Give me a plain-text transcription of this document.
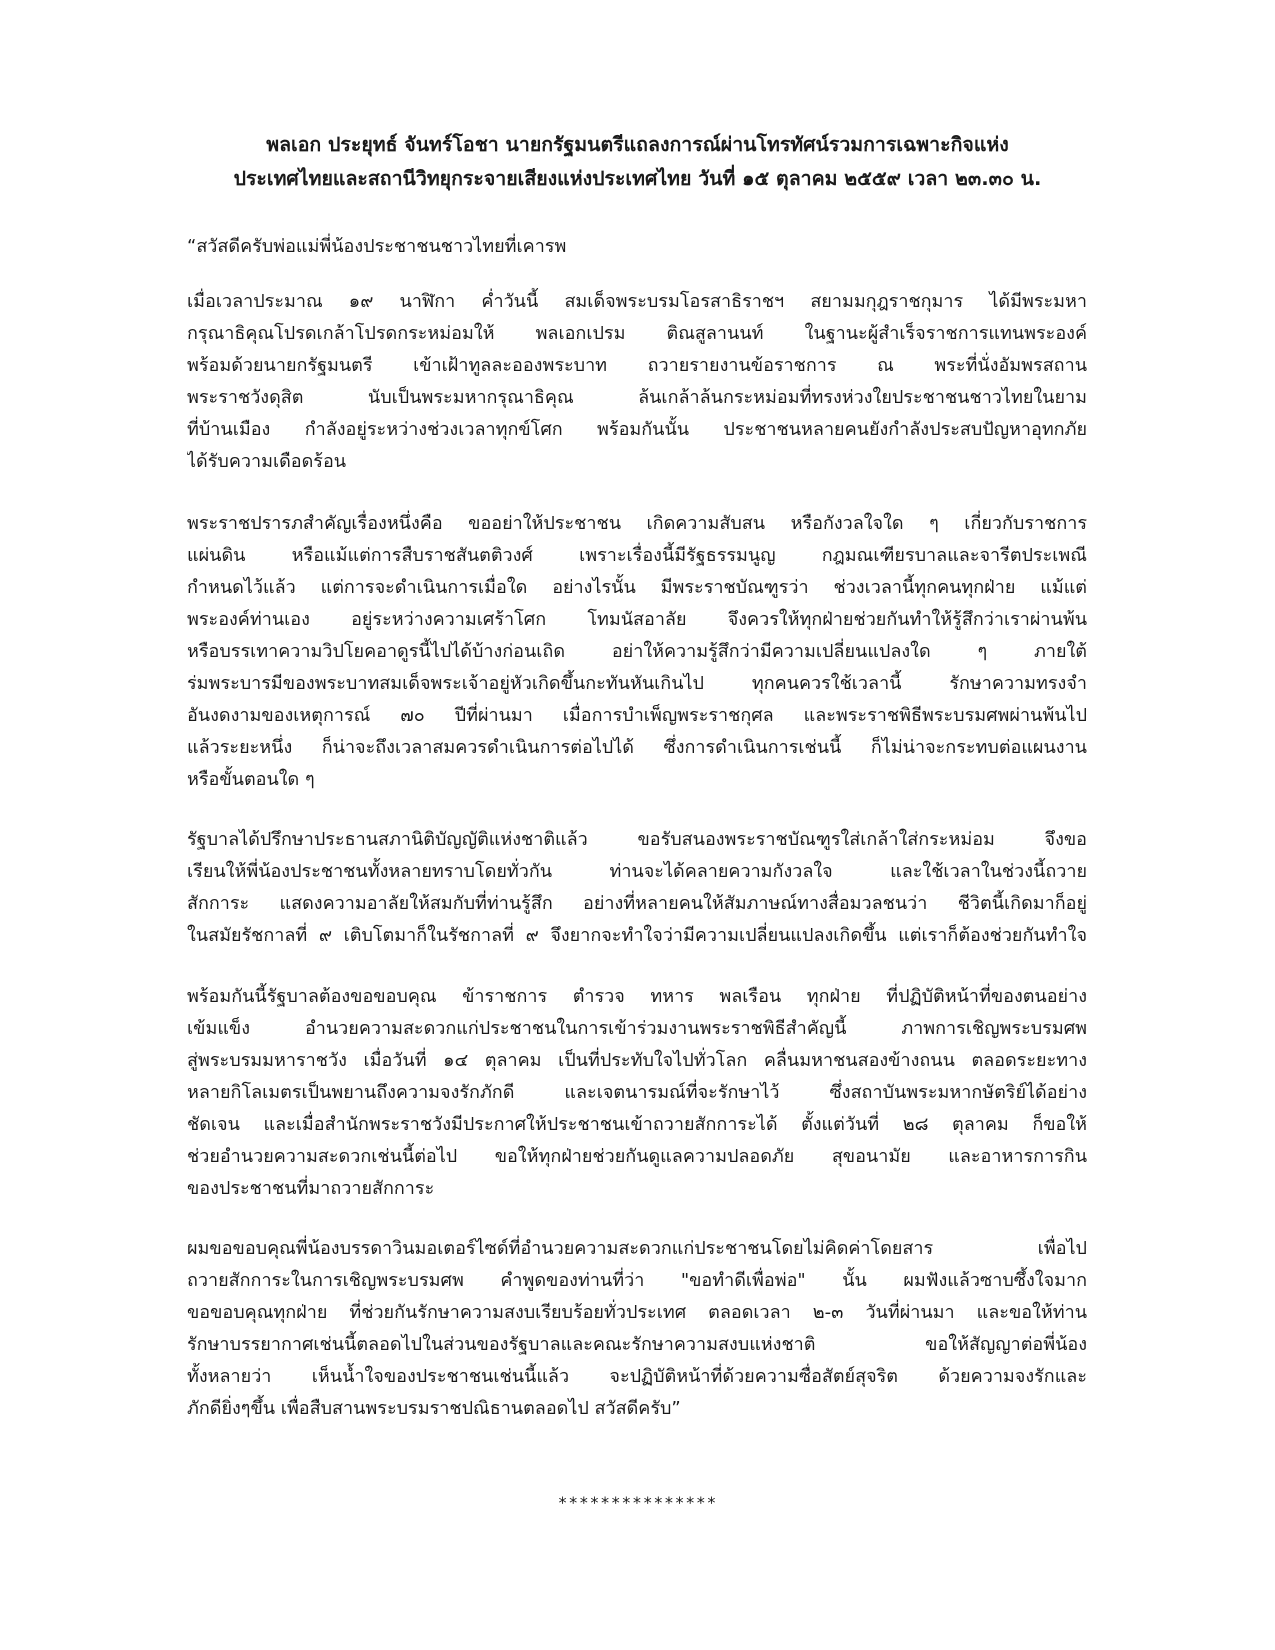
พลเอก ประยุทธ์ จันทร์โอชา นายกรัฐมนตรีแถลงการณ์ผ่านโทรทัศน์รวมการเฉพาะกิจแห่ง
ประเทศไทยและสถานีวิทยุกระจายเสียงแห่งประเทศไทย วันที่ ๑๕ ตุลาคม ๒๕๕๙ เวลา ๒๓.๓๐ น.
“สวัสดีครับพ่อแม่พี่น้องประชาชนชาวไทยที่เคารพ
เมื่อเวลาประมาณ ๑๙ นาฬิกา ค่ำวันนี้ สมเด็จพระบรมโอรสาธิราชฯ สยามมกุฎราชกุมาร ได้มีพระมหา
กรุณาธิคุณโปรดเกล้าโปรดกระหม่อมให้ พลเอกเปรม ติณสูลานนท์ ในฐานะผู้สำเร็จราชการแทนพระองค์
พร้อมด้วยนายกรัฐมนตรี เข้าเฝ้าทูลละอองพระบาท ถวายรายงานข้อราชการ ณ พระที่นั่งอัมพรสถาน
พระราชวังดุสิต นับเป็นพระมหากรุณาธิคุณ ล้นเกล้าล้นกระหม่อมที่ทรงห่วงใยประชาชนชาวไทยในยาม
ที่บ้านเมือง กำลังอยู่ระหว่างช่วงเวลาทุกข์โศก พร้อมกันนั้น ประชาชนหลายคนยังกำลังประสบปัญหาอุทกภัย
ได้รับความเดือดร้อน
พระราชปรารภสำคัญเรื่องหนึ่งคือ ขออย่าให้ประชาชน เกิดความสับสน หรือกังวลใจใด ๆ เกี่ยวกับราชการ
แผ่นดิน หรือแม้แต่การสืบราชสันตติวงศ์ เพราะเรื่องนี้มีรัฐธรรมนูญ กฎมณเฑียรบาลและจารีตประเพณี
กำหนดไว้แล้ว แต่การจะดำเนินการเมื่อใด อย่างไรนั้น มีพระราชบัณฑูรว่า ช่วงเวลานี้ทุกคนทุกฝ่าย แม้แต่
พระองค์ท่านเอง อยู่ระหว่างความเศร้าโศก โทมนัสอาลัย จึงควรให้ทุกฝ่ายช่วยกันทำให้รู้สึกว่าเราผ่านพ้น
หรือบรรเทาความวิปโยคอาดูรนี้ไปได้บ้างก่อนเถิด อย่าให้ความรู้สึกว่ามีความเปลี่ยนแปลงใด ๆ ภายใต้
ร่มพระบารมีของพระบาทสมเด็จพระเจ้าอยู่หัวเกิดขึ้นกะทันหันเกินไป ทุกคนควรใช้เวลานี้ รักษาความทรงจำ
อันงดงามของเหตุการณ์ ๗๐ ปีที่ผ่านมา เมื่อการบำเพ็ญพระราชกุศล และพระราชพิธีพระบรมศพผ่านพ้นไป
แล้วระยะหนึ่ง ก็น่าจะถึงเวลาสมควรดำเนินการต่อไปได้ ซึ่งการดำเนินการเช่นนี้ ก็ไม่น่าจะกระทบต่อแผนงาน
หรือขั้นตอนใด ๆ
รัฐบาลได้ปรึกษาประธานสภานิติบัญญัติแห่งชาติแล้ว ขอรับสนองพระราชบัณฑูรใส่เกล้าใส่กระหม่อม จึงขอ
เรียนให้พี่น้องประชาชนทั้งหลายทราบโดยทั่วกัน ท่านจะได้คลายความกังวลใจ และใช้เวลาในช่วงนี้ถวาย
สักการะ แสดงความอาลัยให้สมกับที่ท่านรู้สึก อย่างที่หลายคนให้สัมภาษณ์ทางสื่อมวลชนว่า ชีวิตนี้เกิดมาก็อยู่
ในสมัยรัชกาลที่ ๙ เติบโตมาก็ในรัชกาลที่ ๙ จึงยากจะทำใจว่ามีความเปลี่ยนแปลงเกิดขึ้น แต่เราก็ต้องช่วยกันทำใจ
พร้อมกันนี้รัฐบาลต้องขอขอบคุณ ข้าราชการ ตำรวจ ทหาร พลเรือน ทุกฝ่าย ที่ปฏิบัติหน้าที่ของตนอย่าง
เข้มแข็ง อำนวยความสะดวกแก่ประชาชนในการเข้าร่วมงานพระราชพิธีสำคัญนี้ ภาพการเชิญพระบรมศพ
สู่พระบรมมหาราชวัง เมื่อวันที่ ๑๔ ตุลาคม เป็นที่ประทับใจไปทั่วโลก คลื่นมหาชนสองข้างถนน ตลอดระยะทาง
หลายกิโลเมตรเป็นพยานถึงความจงรักภักดี และเจตนารมณ์ที่จะรักษาไว้ ซึ่งสถาบันพระมหากษัตริย์ได้อย่าง
ชัดเจน และเมื่อสำนักพระราชวังมีประกาศให้ประชาชนเข้าถวายสักการะได้ ตั้งแต่วันที่ ๒๘ ตุลาคม ก็ขอให้
ช่วยอำนวยความสะดวกเช่นนี้ต่อไป ขอให้ทุกฝ่ายช่วยกันดูแลความปลอดภัย สุขอนามัย และอาหารการกิน
ของประชาชนที่มาถวายสักการะ
ผมขอขอบคุณพี่น้องบรรดาวินมอเตอร์ไซด์ที่อำนวยความสะดวกแก่ประชาชนโดยไม่คิดค่าโดยสาร เพื่อไป
ถวายสักการะในการเชิญพระบรมศพ คำพูดของท่านที่ว่า "ขอทำดีเพื่อพ่อ" นั้น ผมฟังแล้วซาบซึ้งใจมาก
ขอขอบคุณทุกฝ่าย ที่ช่วยกันรักษาความสงบเรียบร้อยทั่วประเทศ ตลอดเวลา ๒-๓ วันที่ผ่านมา และขอให้ท่าน
รักษาบรรยากาศเช่นนี้ตลอดไปในส่วนของรัฐบาลและคณะรักษาความสงบแห่งชาติ ขอให้สัญญาต่อพี่น้อง
ทั้งหลายว่า เห็นน้ำใจของประชาชนเช่นนี้แล้ว จะปฏิบัติหน้าที่ด้วยความซื่อสัตย์สุจริต ด้วยความจงรักและ
ภักดียิ่งๆขึ้น เพื่อสืบสานพระบรมราชปณิธานตลอดไป สวัสดีครับ”
***************
